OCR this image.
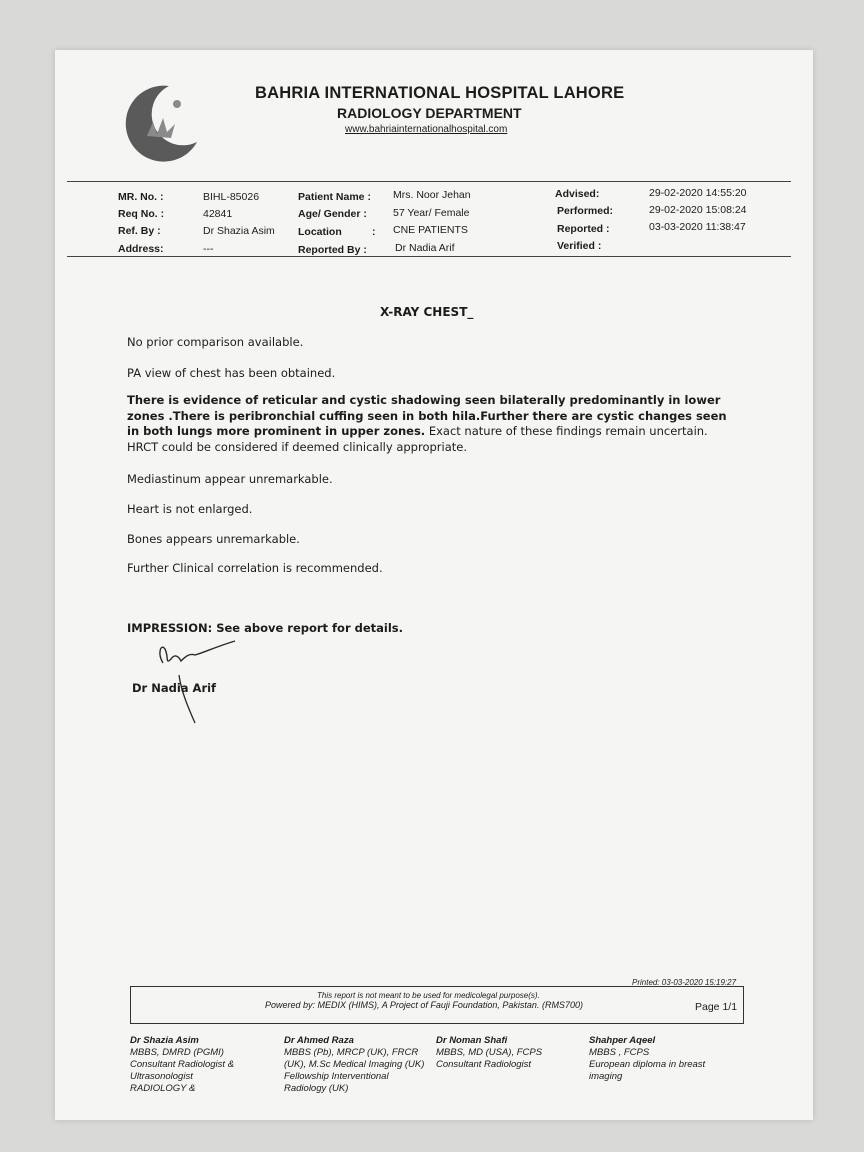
BAHRIA INTERNATIONAL HOSPITAL LAHORE
RADIOLOGY DEPARTMENT
www.bahriainternationalhospital.com
MR. No. :	BIHL-85026
Req No. :	42841
Ref. By :	Dr Shazia Asim
Address:	---
Patient Name : Mrs. Noor Jehan
Age/ Gender : 57 Year/ Female
Location	: CNE PATIENTS
Reported By :	Dr Nadia Arif
Advised:	29-02-2020 14:55:20
Performed:	29-02-2020 15:08:24
Reported :	03-03-2020 11:38:47
Verified :
X-RAY CHEST_
No prior comparison available.
PA view of chest has been obtained.
There is evidence of reticular and cystic shadowing seen bilaterally predominantly in lower zones .There is peribronchial cuffing seen in both hila.Further there are cystic changes seen in both lungs more prominent in upper zones. Exact nature of these findings remain uncertain. HRCT could be considered if deemed clinically appropriate.
Mediastinum appear unremarkable.
Heart is not enlarged.
Bones appears unremarkable.
Further Clinical correlation is recommended.
IMPRESSION: See above report for details.
Dr Nadia Arif
Printed: 03-03-2020 15:19:27
This report is not meant to be used for medicolegal purpose(s).
Powered by: MEDIX (HIMS), A Project of Fauji Foundation, Pakistan. (RMS700)	Page 1/1
Dr Shazia Asim
MBBS, DMRD (PGMI)
Consultant Radiologist &
Ultrasonologist
RADIOLOGY &
Dr Ahmed Raza
MBBS (Pb), MRCP (UK), FRCR
(UK), M.Sc Medical Imaging (UK)
Fellowship Interventional
Radiology (UK)
Dr Noman Shafi
MBBS, MD (USA), FCPS
Consultant Radiologist
Shahper Aqeel
MBBS , FCPS
European diploma in breast
imaging
